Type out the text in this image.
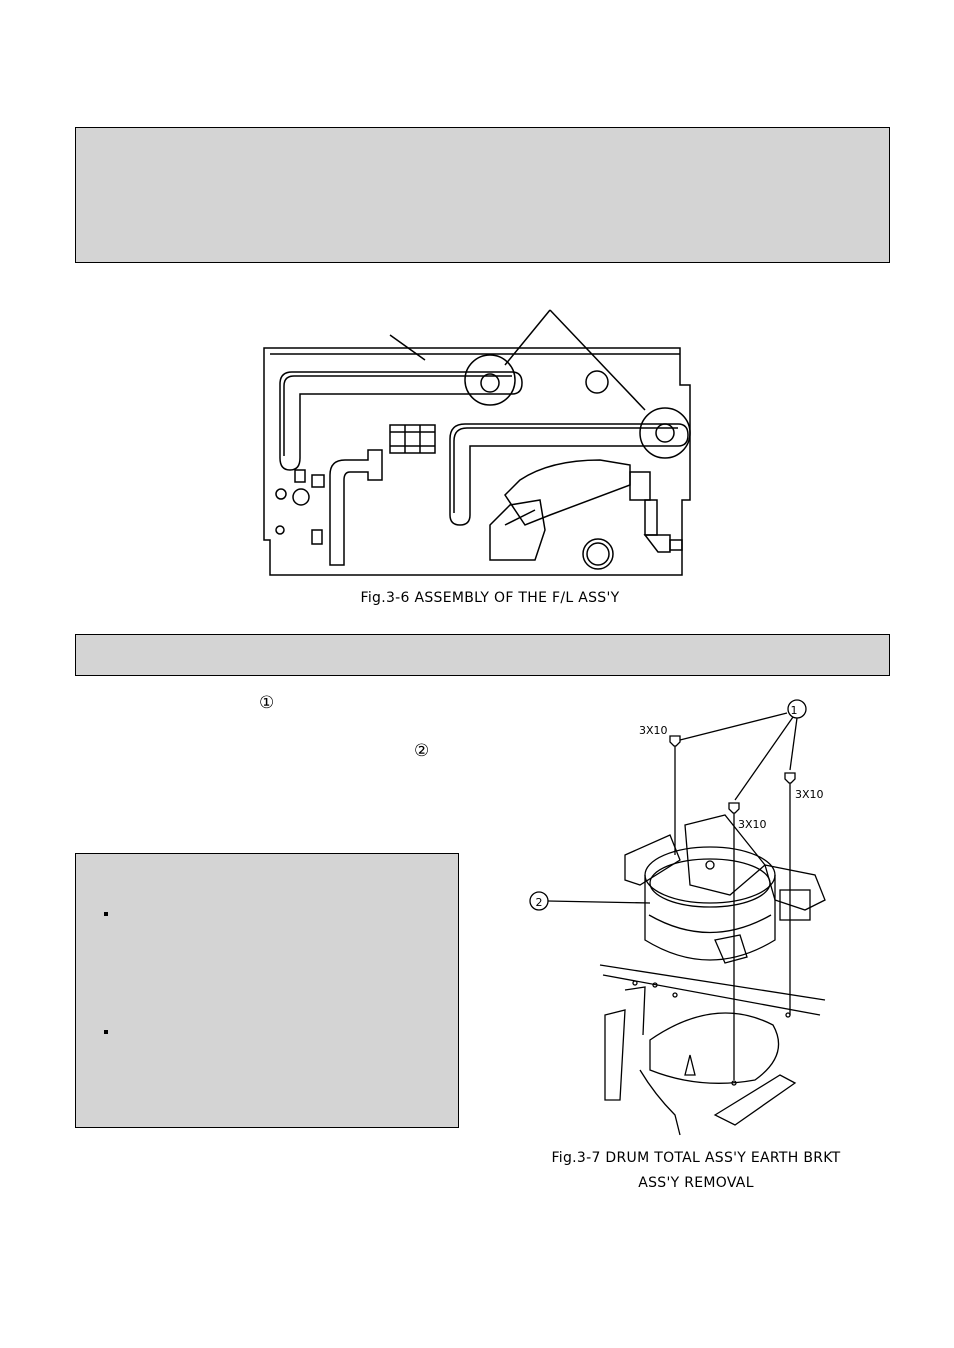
Fig.3-6 ASSEMBLY OF THE F/L ASS'Y
①
②
1
2
3X10
3X10
3X10
Fig.3-7 DRUM TOTAL ASS'Y EARTH BRKT
ASS'Y REMOVAL
